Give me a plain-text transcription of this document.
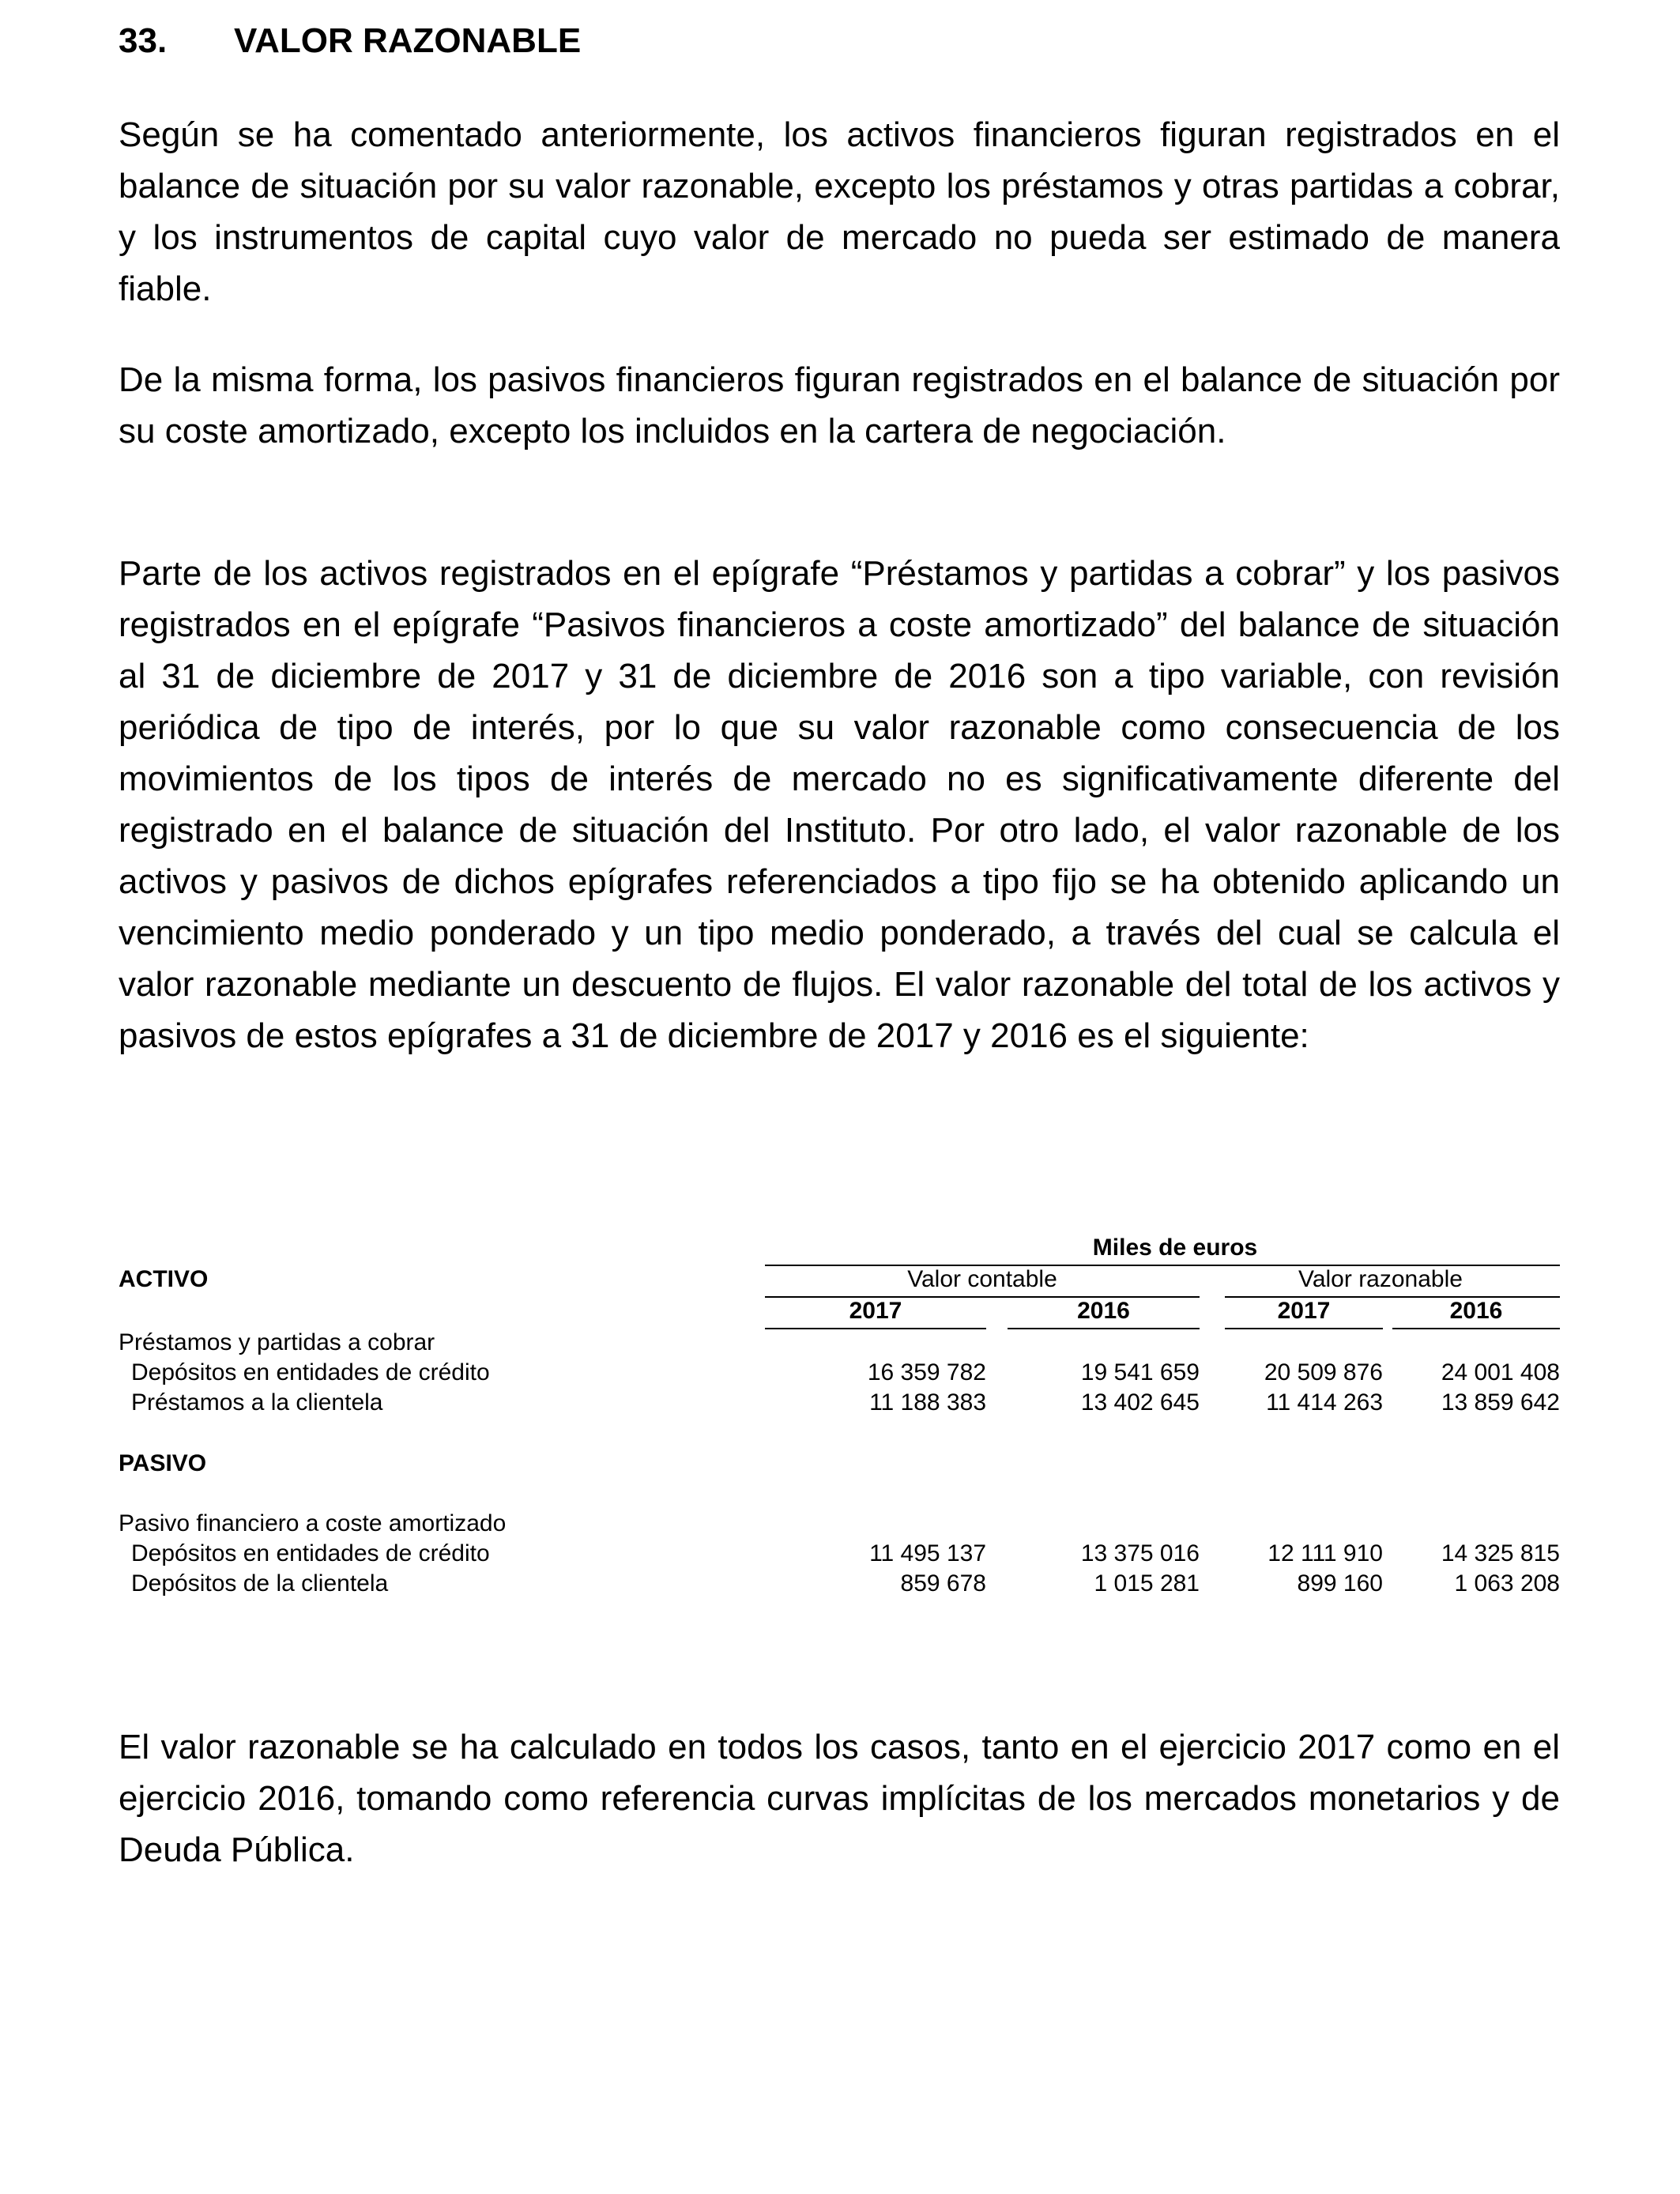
33. VALOR RAZONABLE

Según se ha comentado anteriormente, los activos financieros figuran registrados en el balance de situación por su valor razonable, excepto los préstamos y otras partidas a cobrar, y los instrumentos de capital cuyo valor de mercado no pueda ser estimado de manera fiable.

De la misma forma, los pasivos financieros figuran registrados en el balance de situación por su coste amortizado, excepto los incluidos en la cartera de negociación.

Parte de los activos registrados en el epígrafe “Préstamos y partidas a cobrar” y los pasivos registrados en el epígrafe “Pasivos financieros a coste amortizado” del balance de situación al 31 de diciembre de 2017 y 31 de diciembre de 2016 son a tipo variable, con revisión periódica de tipo de interés, por lo que su valor razonable como consecuencia de los movimientos de los tipos de interés de mercado no es significativamente diferente del registrado en el balance de situación del Instituto. Por otro lado, el valor razonable de los activos y pasivos de dichos epígrafes referenciados a tipo fijo se ha obtenido aplicando un vencimiento medio ponderado y un tipo medio ponderado, a través del cual se calcula el valor razonable mediante un descuento de flujos. El valor razonable del total de los activos y pasivos de estos epígrafes a 31 de diciembre de 2017 y 2016 es el siguiente:

Miles de euros
ACTIVO	Valor contable	Valor razonable
2017	2016	2017	2016
Préstamos y partidas a cobrar
Depósitos en entidades de crédito	16 359 782	19 541 659	20 509 876	24 001 408
Préstamos a la clientela	11 188 383	13 402 645	11 414 263	13 859 642
PASIVO
Pasivo financiero a coste amortizado
Depósitos en entidades de crédito	11 495 137	13 375 016	12 111 910	14 325 815
Depósitos de la clientela	859 678	1 015 281	899 160	1 063 208

El valor razonable se ha calculado en todos los casos, tanto en el ejercicio 2017 como en el ejercicio 2016, tomando como referencia curvas implícitas de los mercados monetarios y de Deuda Pública.
